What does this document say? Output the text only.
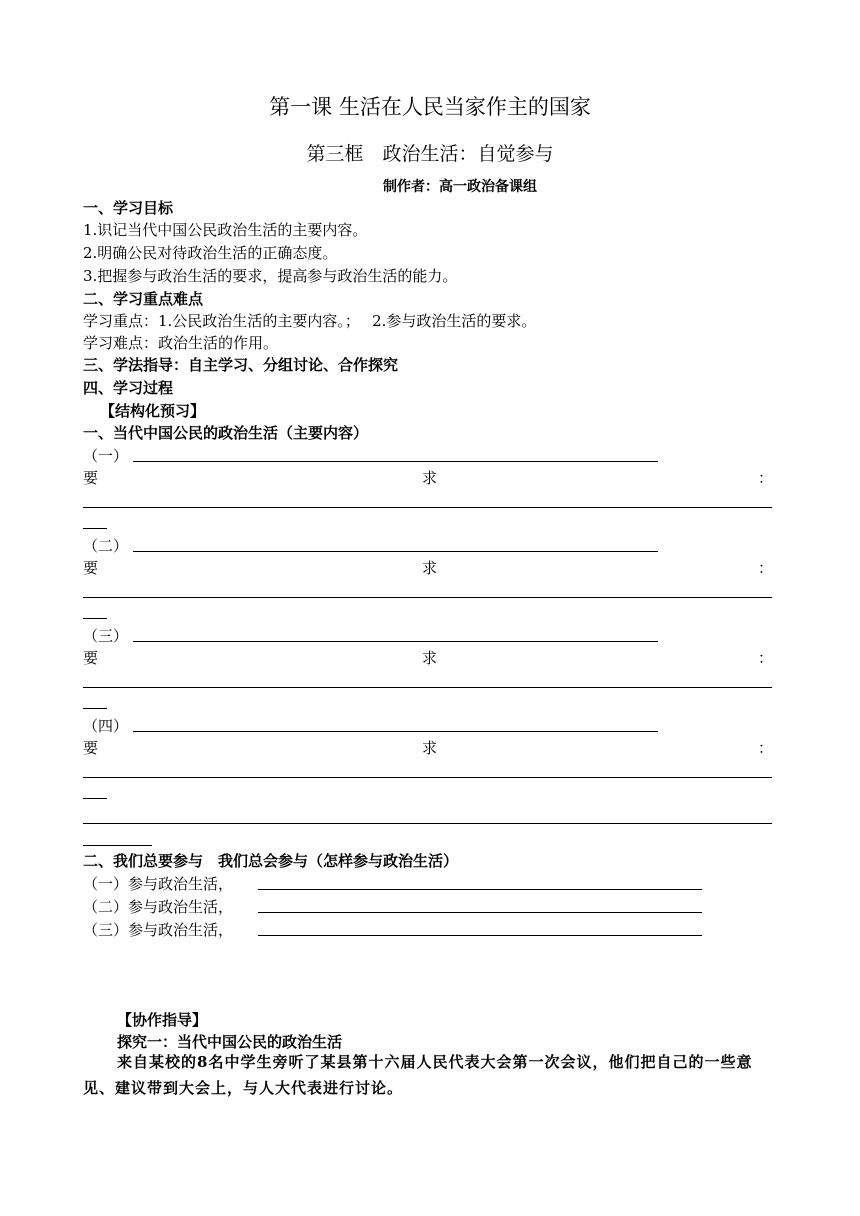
第一课 生活在人民当家作主的国家
第三框　政治生活：自觉参与
制作者：高一政治备课组
一、学习目标
1.识记当代中国公民政治生活的主要内容。
2.明确公民对待政治生活的正确态度。
3.把握参与政治生活的要求，提高参与政治生活的能力。
二、学习重点难点
学习重点：1.公民政治生活的主要内容。；　 2.参与政治生活的要求。
学习难点：政治生活的作用。
三、学法指导：自主学习、分组讨论、合作探究
四、学习过程
【结构化预习】
一、当代中国公民的政治生活（主要内容）
（一）
要	求	：
（二）
要	求	：
（三）
要	求	：
（四）
要	求	：
二、我们总要参与　我们总会参与（怎样参与政治生活）
（一）参与政治生活，
（二）参与政治生活，
（三）参与政治生活，
【协作指导】
探究一：当代中国公民的政治生活
来自某校的8名中学生旁听了某县第十六届人民代表大会第一次会议，他们把自己的一些意见、建议带到大会上，与人大代表进行讨论。
